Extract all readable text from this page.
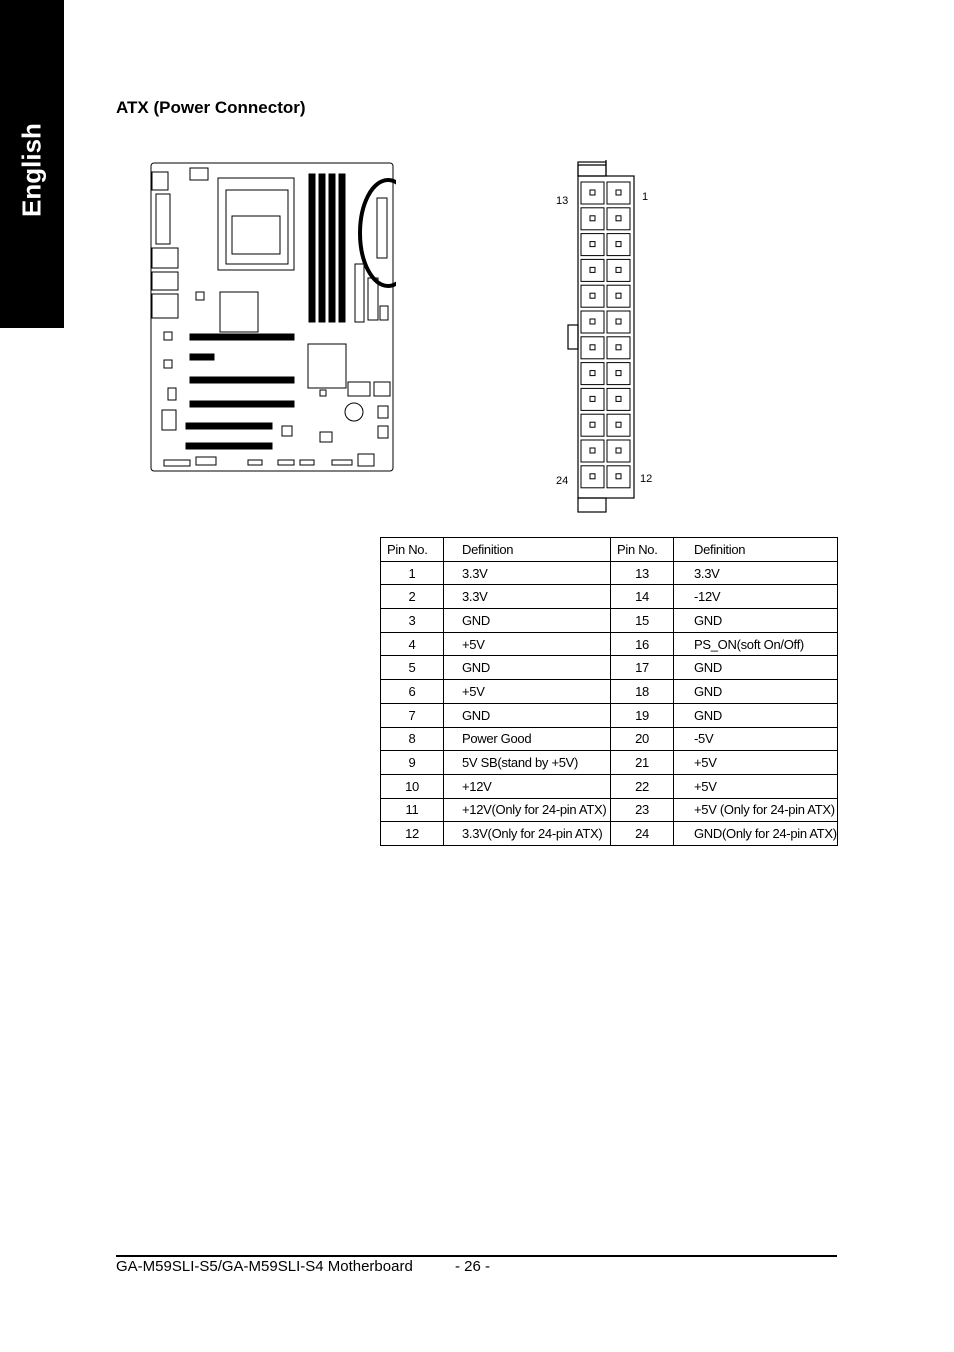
English
ATX (Power Connector)
13	1
24	12
Pin No.	Definition	Pin No.	Definition
1	3.3V	13	3.3V
2	3.3V	14	-12V
3	GND	15	GND
4	+5V	16	PS_ON(soft On/Off)
5	GND	17	GND
6	+5V	18	GND
7	GND	19	GND
8	Power Good	20	-5V
9	5V SB(stand by +5V)	21	+5V
10	+12V	22	+5V
11	+12V(Only for 24-pin ATX)	23	+5V (Only for 24-pin ATX)
12	3.3V(Only for 24-pin ATX)	24	GND(Only for 24-pin ATX)
GA-M59SLI-S5/GA-M59SLI-S4 Motherboard	- 26 -
